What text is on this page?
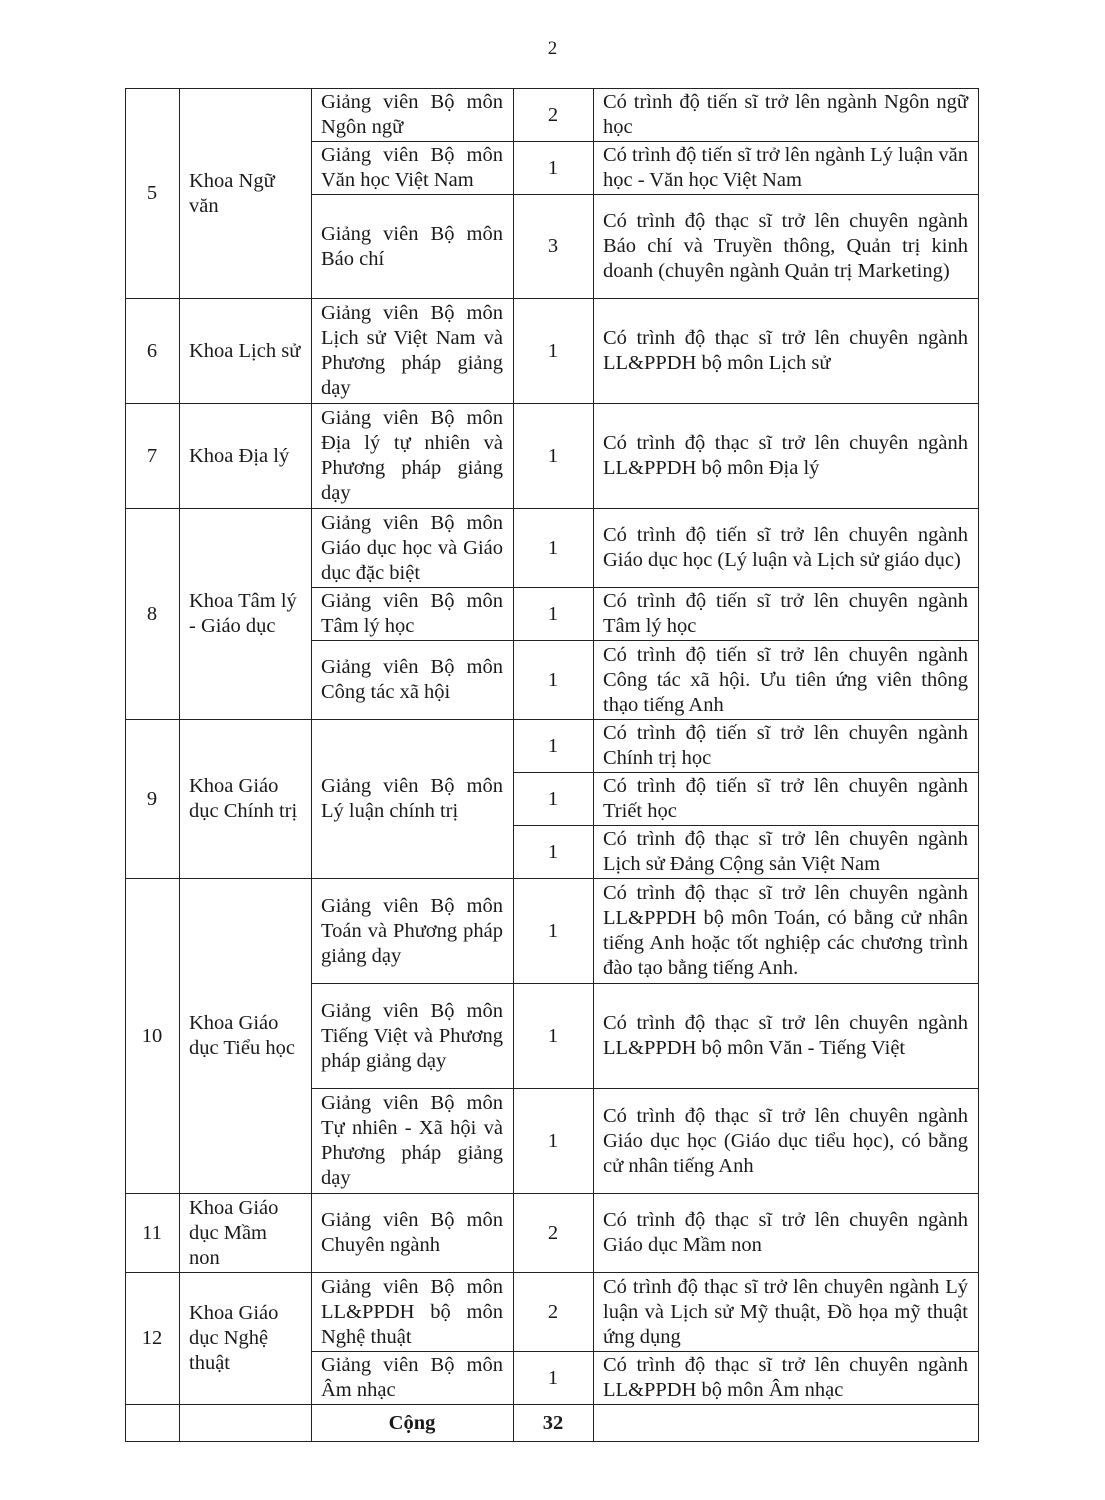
2
5	Khoa Ngữ văn	Giảng viên Bộ môn Ngôn ngữ	2	Có trình độ tiến sĩ trở lên ngành Ngôn ngữ học
		Giảng viên Bộ môn Văn học Việt Nam	1	Có trình độ tiến sĩ trở lên ngành Lý luận văn học - Văn học Việt Nam
		Giảng viên Bộ môn Báo chí	3	Có trình độ thạc sĩ trở lên chuyên ngành Báo chí và Truyền thông, Quản trị kinh doanh (chuyên ngành Quản trị Marketing)
6	Khoa Lịch sử	Giảng viên Bộ môn Lịch sử Việt Nam và Phương pháp giảng dạy	1	Có trình độ thạc sĩ trở lên chuyên ngành LL&PPDH bộ môn Lịch sử
7	Khoa Địa lý	Giảng viên Bộ môn Địa lý tự nhiên và Phương pháp giảng dạy	1	Có trình độ thạc sĩ trở lên chuyên ngành LL&PPDH bộ môn Địa lý
8	Khoa Tâm lý - Giáo dục	Giảng viên Bộ môn Giáo dục học và Giáo dục đặc biệt	1	Có trình độ tiến sĩ trở lên chuyên ngành Giáo dục học (Lý luận và Lịch sử giáo dục)
		Giảng viên Bộ môn Tâm lý học	1	Có trình độ tiến sĩ trở lên chuyên ngành Tâm lý học
		Giảng viên Bộ môn Công tác xã hội	1	Có trình độ tiến sĩ trở lên chuyên ngành Công tác xã hội. Ưu tiên ứng viên thông thạo tiếng Anh
9	Khoa Giáo dục Chính trị	Giảng viên Bộ môn Lý luận chính trị	1	Có trình độ tiến sĩ trở lên chuyên ngành Chính trị học
			1	Có trình độ tiến sĩ trở lên chuyên ngành Triết học
			1	Có trình độ thạc sĩ trở lên chuyên ngành Lịch sử Đảng Cộng sản Việt Nam
10	Khoa Giáo dục Tiểu học	Giảng viên Bộ môn Toán và Phương pháp giảng dạy	1	Có trình độ thạc sĩ trở lên chuyên ngành LL&PPDH bộ môn Toán, có bằng cử nhân tiếng Anh hoặc tốt nghiệp các chương trình đào tạo bằng tiếng Anh.
		Giảng viên Bộ môn Tiếng Việt và Phương pháp giảng dạy	1	Có trình độ thạc sĩ trở lên chuyên ngành LL&PPDH bộ môn Văn - Tiếng Việt
		Giảng viên Bộ môn Tự nhiên - Xã hội và Phương pháp giảng dạy	1	Có trình độ thạc sĩ trở lên chuyên ngành Giáo dục học (Giáo dục tiểu học), có bằng cử nhân tiếng Anh
11	Khoa Giáo dục Mầm non	Giảng viên Bộ môn Chuyên ngành	2	Có trình độ thạc sĩ trở lên chuyên ngành Giáo dục Mầm non
12	Khoa Giáo dục Nghệ thuật	Giảng viên Bộ môn LL&PPDH bộ môn Nghệ thuật	2	Có trình độ thạc sĩ trở lên chuyên ngành Lý luận và Lịch sử Mỹ thuật, Đồ họa mỹ thuật ứng dụng
		Giảng viên Bộ môn Âm nhạc	1	Có trình độ thạc sĩ trở lên chuyên ngành LL&PPDH bộ môn Âm nhạc
		Cộng	32	
